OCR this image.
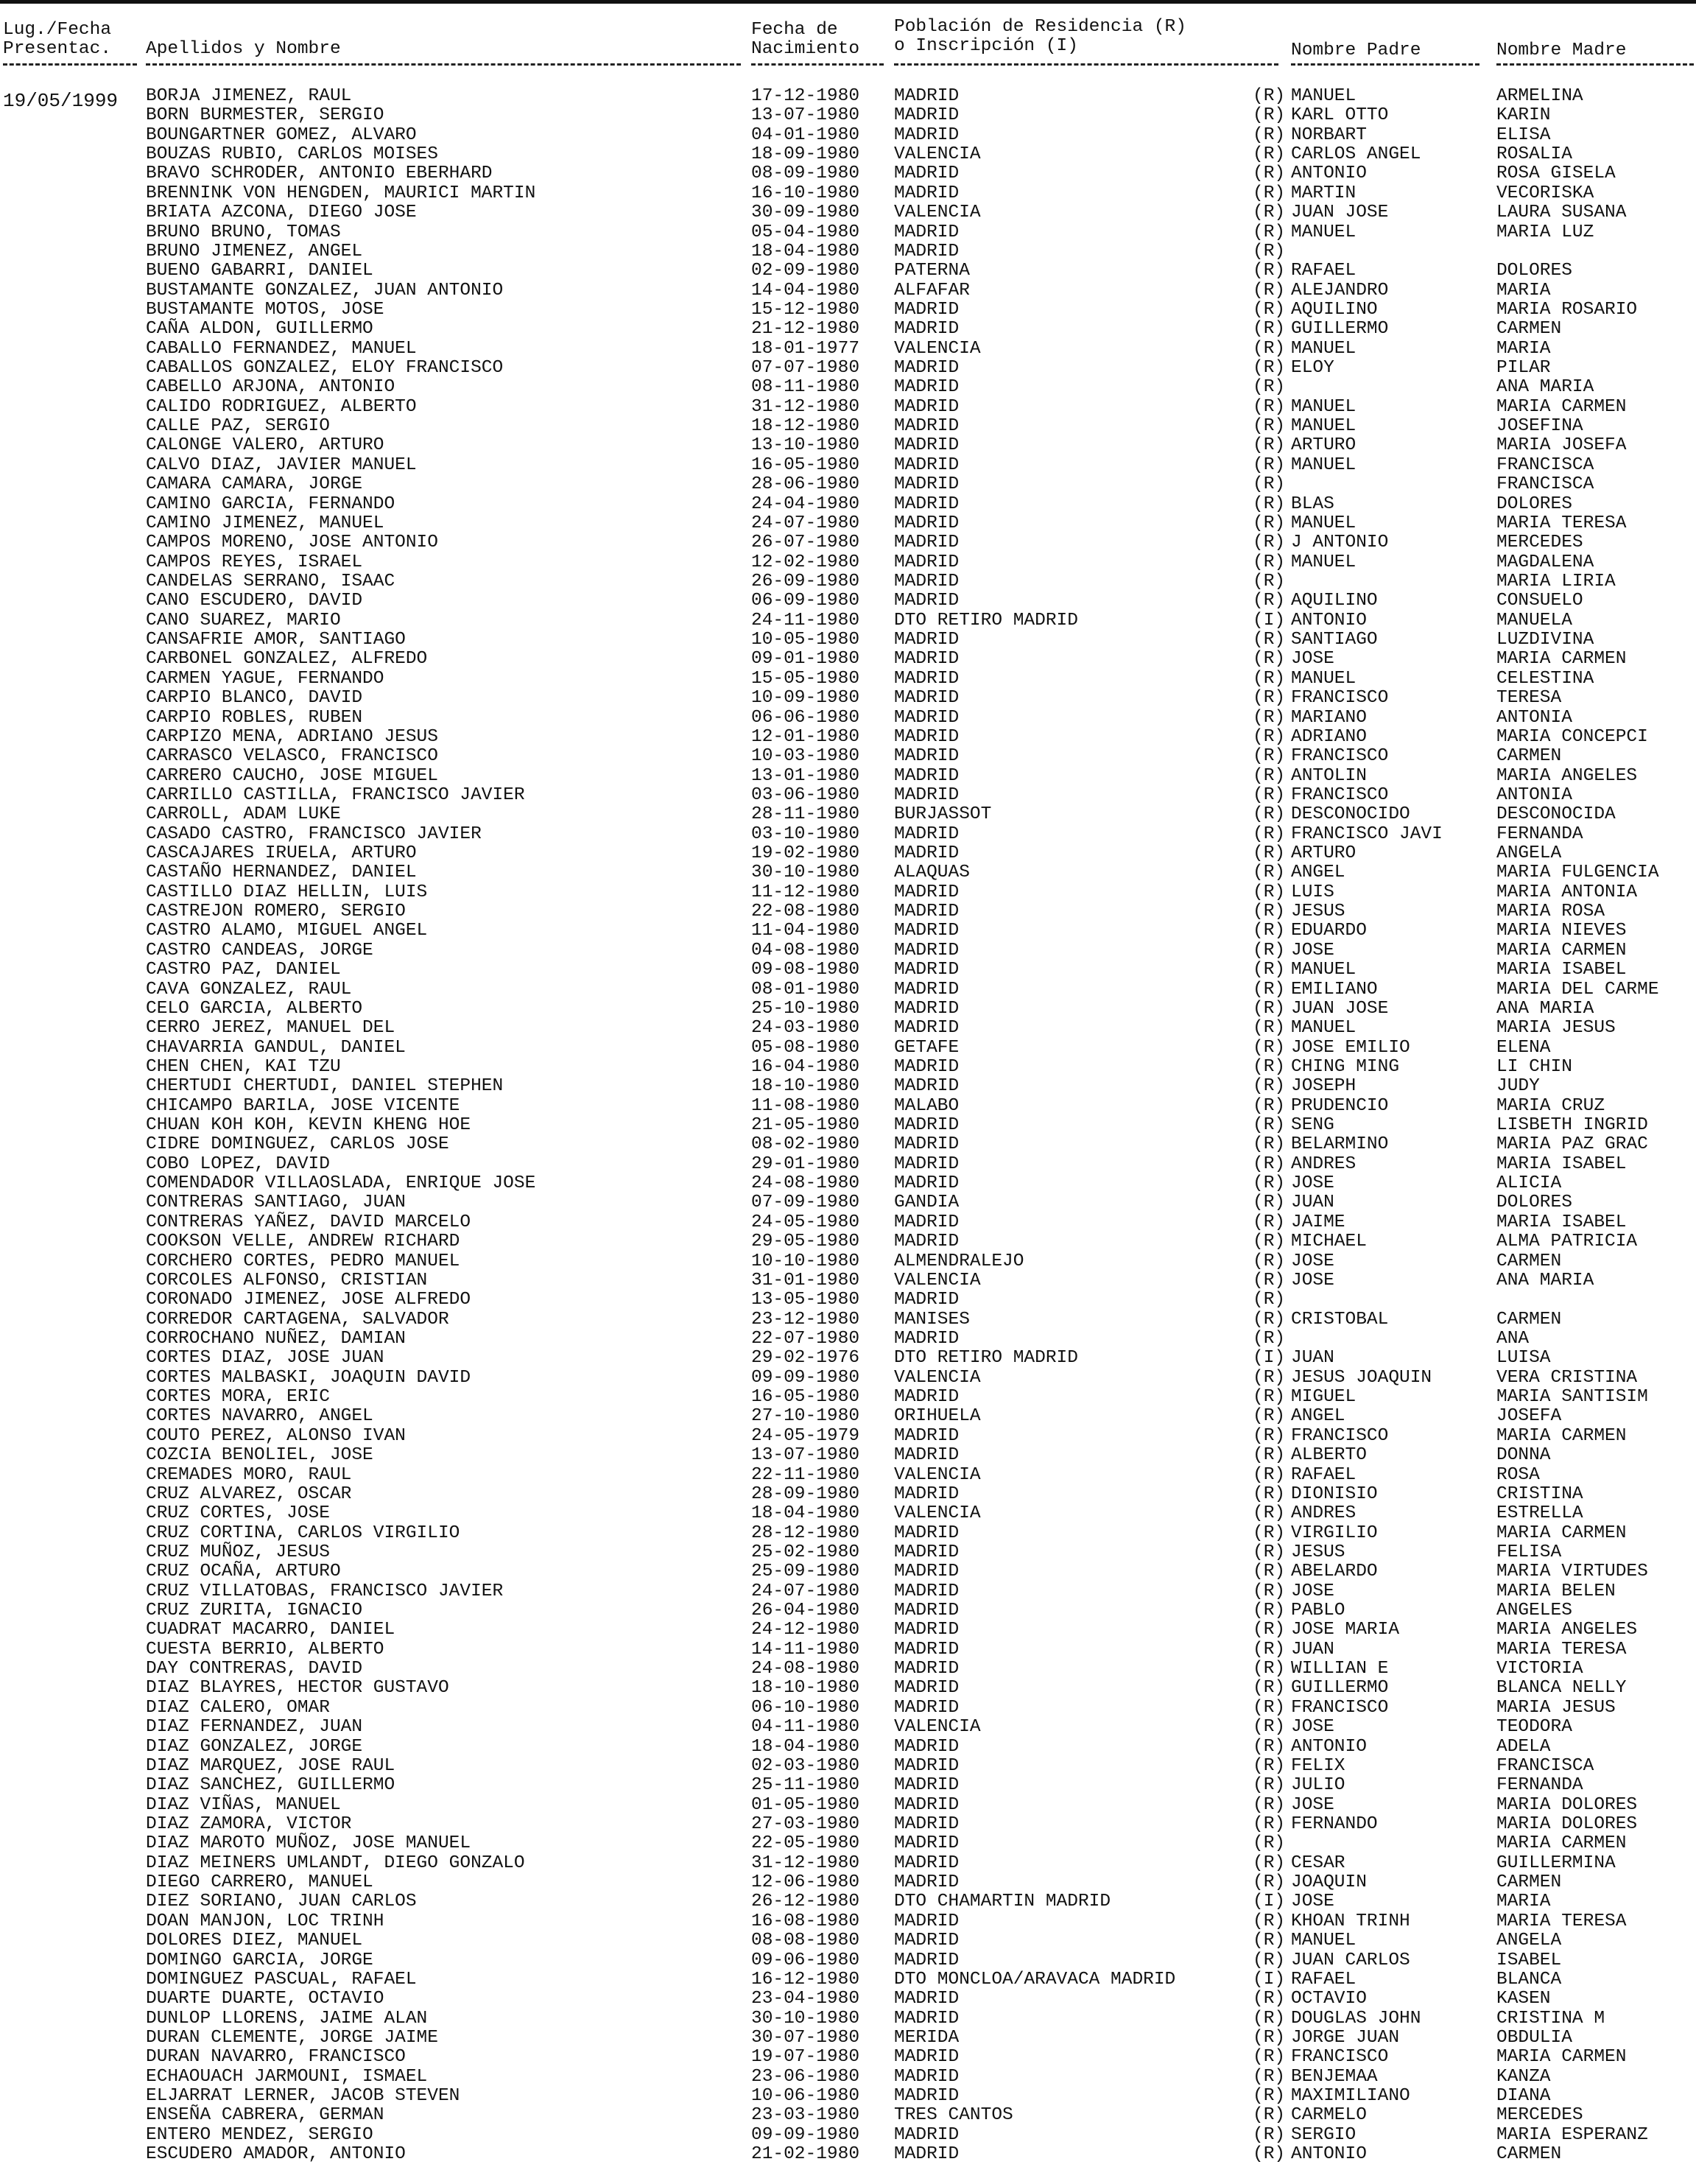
Lug./Fecha
Presentac. Apellidos y Nombre
Fecha de
Nacimiento
Población de Residencia (R)
o Inscripción (I)	Nombre Padre	Nombre Madre
19/05/1999 BORJA JIMENEZ, RAUL	17-12-1980 MADRID	(R) MANUEL	ARMELINA
BORN BURMESTER, SERGIO	13-07-1980 MADRID	(R) KARL OTTO	KARIN
BOUNGARTNER GOMEZ, ALVARO	04-01-1980 MADRID	(R) NORBART	ELISA
BOUZAS RUBIO, CARLOS MOISES	18-09-1980 VALENCIA	(R) CARLOS ANGEL	ROSALIA
BRAVO SCHRODER, ANTONIO EBERHARD	08-09-1980 MADRID	(R) ANTONIO	ROSA GISELA
BRENNINK VON HENGDEN, MAURICI MARTIN	16-10-1980 MADRID	(R) MARTIN	VECORISKA
BRIATA AZCONA, DIEGO JOSE	30-09-1980 VALENCIA	(R) JUAN JOSE	LAURA SUSANA
BRUNO BRUNO, TOMAS	05-04-1980 MADRID	(R) MANUEL	MARIA LUZ
BRUNO JIMENEZ, ANGEL	18-04-1980 MADRID	(R)
BUENO GABARRI, DANIEL	02-09-1980 PATERNA	(R) RAFAEL	DOLORES
BUSTAMANTE GONZALEZ, JUAN ANTONIO	14-04-1980 ALFAFAR	(R) ALEJANDRO	MARIA
BUSTAMANTE MOTOS, JOSE	15-12-1980 MADRID	(R) AQUILINO	MARIA ROSARIO
CAÑA ALDON, GUILLERMO	21-12-1980 MADRID	(R) GUILLERMO	CARMEN
CABALLO FERNANDEZ, MANUEL	18-01-1977 VALENCIA	(R) MANUEL	MARIA
CABALLOS GONZALEZ, ELOY FRANCISCO	07-07-1980 MADRID	(R) ELOY	PILAR
CABELLO ARJONA, ANTONIO	08-11-1980 MADRID	(R)	ANA MARIA
CALIDO RODRIGUEZ, ALBERTO	31-12-1980 MADRID	(R) MANUEL	MARIA CARMEN
CALLE PAZ, SERGIO	18-12-1980 MADRID	(R) MANUEL	JOSEFINA
CALONGE VALERO, ARTURO	13-10-1980 MADRID	(R) ARTURO	MARIA JOSEFA
CALVO DIAZ, JAVIER MANUEL	16-05-1980 MADRID	(R) MANUEL	FRANCISCA
CAMARA CAMARA, JORGE	28-06-1980 MADRID	(R)	FRANCISCA
CAMINO GARCIA, FERNANDO	24-04-1980 MADRID	(R) BLAS	DOLORES
CAMINO JIMENEZ, MANUEL	24-07-1980 MADRID	(R) MANUEL	MARIA TERESA
CAMPOS MORENO, JOSE ANTONIO	26-07-1980 MADRID	(R) J ANTONIO	MERCEDES
CAMPOS REYES, ISRAEL	12-02-1980 MADRID	(R) MANUEL	MAGDALENA
CANDELAS SERRANO, ISAAC	26-09-1980 MADRID	(R)	MARIA LIRIA
CANO ESCUDERO, DAVID	06-09-1980 MADRID	(R) AQUILINO	CONSUELO
CANO SUAREZ, MARIO	24-11-1980 DTO RETIRO MADRID	(I) ANTONIO	MANUELA
CANSAFRIE AMOR, SANTIAGO	10-05-1980 MADRID	(R) SANTIAGO	LUZDIVINA
CARBONEL GONZALEZ, ALFREDO	09-01-1980 MADRID	(R) JOSE	MARIA CARMEN
CARMEN YAGUE, FERNANDO	15-05-1980 MADRID	(R) MANUEL	CELESTINA
CARPIO BLANCO, DAVID	10-09-1980 MADRID	(R) FRANCISCO	TERESA
CARPIO ROBLES, RUBEN	06-06-1980 MADRID	(R) MARIANO	ANTONIA
CARPIZO MENA, ADRIANO JESUS	12-01-1980 MADRID	(R) ADRIANO	MARIA CONCEPCI
CARRASCO VELASCO, FRANCISCO	10-03-1980 MADRID	(R) FRANCISCO	CARMEN
CARRERO CAUCHO, JOSE MIGUEL	13-01-1980 MADRID	(R) ANTOLIN	MARIA ANGELES
CARRILLO CASTILLA, FRANCISCO JAVIER	03-06-1980 MADRID	(R) FRANCISCO	ANTONIA
CARROLL, ADAM LUKE	28-11-1980 BURJASSOT	(R) DESCONOCIDO	DESCONOCIDA
CASADO CASTRO, FRANCISCO JAVIER	03-10-1980 MADRID	(R) FRANCISCO JAVI	FERNANDA
CASCAJARES IRUELA, ARTURO	19-02-1980 MADRID	(R) ARTURO	ANGELA
CASTAÑO HERNANDEZ, DANIEL	30-10-1980 ALAQUAS	(R) ANGEL	MARIA FULGENCIA
CASTILLO DIAZ HELLIN, LUIS	11-12-1980 MADRID	(R) LUIS	MARIA ANTONIA
CASTREJON ROMERO, SERGIO	22-08-1980 MADRID	(R) JESUS	MARIA ROSA
CASTRO ALAMO, MIGUEL ANGEL	11-04-1980 MADRID	(R) EDUARDO	MARIA NIEVES
CASTRO CANDEAS, JORGE	04-08-1980 MADRID	(R) JOSE	MARIA CARMEN
CASTRO PAZ, DANIEL	09-08-1980 MADRID	(R) MANUEL	MARIA ISABEL
CAVA GONZALEZ, RAUL	08-01-1980 MADRID	(R) EMILIANO	MARIA DEL CARME
CELO GARCIA, ALBERTO	25-10-1980 MADRID	(R) JUAN JOSE	ANA MARIA
CERRO JEREZ, MANUEL DEL	24-03-1980 MADRID	(R) MANUEL	MARIA JESUS
CHAVARRIA GANDUL, DANIEL	05-08-1980 GETAFE	(R) JOSE EMILIO	ELENA
CHEN CHEN, KAI TZU	16-04-1980 MADRID	(R) CHING MING	LI CHIN
CHERTUDI CHERTUDI, DANIEL STEPHEN	18-10-1980 MADRID	(R) JOSEPH	JUDY
CHICAMPO BARILA, JOSE VICENTE	11-08-1980 MALABO	(R) PRUDENCIO	MARIA CRUZ
CHUAN KOH KOH, KEVIN KHENG HOE	21-05-1980 MADRID	(R) SENG	LISBETH INGRID
CIDRE DOMINGUEZ, CARLOS JOSE	08-02-1980 MADRID	(R) BELARMINO	MARIA PAZ GRAC
COBO LOPEZ, DAVID	29-01-1980 MADRID	(R) ANDRES	MARIA ISABEL
COMENDADOR VILLAOSLADA, ENRIQUE JOSE	24-08-1980 MADRID	(R) JOSE	ALICIA
CONTRERAS SANTIAGO, JUAN	07-09-1980 GANDIA	(R) JUAN	DOLORES
CONTRERAS YAÑEZ, DAVID MARCELO	24-05-1980 MADRID	(R) JAIME	MARIA ISABEL
COOKSON VELLE, ANDREW RICHARD	29-05-1980 MADRID	(R) MICHAEL	ALMA PATRICIA
CORCHERO CORTES, PEDRO MANUEL	10-10-1980 ALMENDRALEJO	(R) JOSE	CARMEN
CORCOLES ALFONSO, CRISTIAN	31-01-1980 VALENCIA	(R) JOSE	ANA MARIA
CORONADO JIMENEZ, JOSE ALFREDO	13-05-1980 MADRID	(R)
CORREDOR CARTAGENA, SALVADOR	23-12-1980 MANISES	(R) CRISTOBAL	CARMEN
CORROCHANO NUÑEZ, DAMIAN	22-07-1980 MADRID	(R)	ANA
CORTES DIAZ, JOSE JUAN	29-02-1976 DTO RETIRO MADRID	(I) JUAN	LUISA
CORTES MALBASKI, JOAQUIN DAVID	09-09-1980 VALENCIA	(R) JESUS JOAQUIN	VERA CRISTINA
CORTES MORA, ERIC	16-05-1980 MADRID	(R) MIGUEL	MARIA SANTISIM
CORTES NAVARRO, ANGEL	27-10-1980 ORIHUELA	(R) ANGEL	JOSEFA
COUTO PEREZ, ALONSO IVAN	24-05-1979 MADRID	(R) FRANCISCO	MARIA CARMEN
COZCIA BENOLIEL, JOSE	13-07-1980 MADRID	(R) ALBERTO	DONNA
CREMADES MORO, RAUL	22-11-1980 VALENCIA	(R) RAFAEL	ROSA
CRUZ ALVAREZ, OSCAR	28-09-1980 MADRID	(R) DIONISIO	CRISTINA
CRUZ CORTES, JOSE	18-04-1980 VALENCIA	(R) ANDRES	ESTRELLA
CRUZ CORTINA, CARLOS VIRGILIO	28-12-1980 MADRID	(R) VIRGILIO	MARIA CARMEN
CRUZ MUÑOZ, JESUS	25-02-1980 MADRID	(R) JESUS	FELISA
CRUZ OCAÑA, ARTURO	25-09-1980 MADRID	(R) ABELARDO	MARIA VIRTUDES
CRUZ VILLATOBAS, FRANCISCO JAVIER	24-07-1980 MADRID	(R) JOSE	MARIA BELEN
CRUZ ZURITA, IGNACIO	26-04-1980 MADRID	(R) PABLO	ANGELES
CUADRAT MACARRO, DANIEL	24-12-1980 MADRID	(R) JOSE MARIA	MARIA ANGELES
CUESTA BERRIO, ALBERTO	14-11-1980 MADRID	(R) JUAN	MARIA TERESA
DAY CONTRERAS, DAVID	24-08-1980 MADRID	(R) WILLIAN E	VICTORIA
DIAZ BLAYRES, HECTOR GUSTAVO	18-10-1980 MADRID	(R) GUILLERMO	BLANCA NELLY
DIAZ CALERO, OMAR	06-10-1980 MADRID	(R) FRANCISCO	MARIA JESUS
DIAZ FERNANDEZ, JUAN	04-11-1980 VALENCIA	(R) JOSE	TEODORA
DIAZ GONZALEZ, JORGE	18-04-1980 MADRID	(R) ANTONIO	ADELA
DIAZ MARQUEZ, JOSE RAUL	02-03-1980 MADRID	(R) FELIX	FRANCISCA
DIAZ SANCHEZ, GUILLERMO	25-11-1980 MADRID	(R) JULIO	FERNANDA
DIAZ VIÑAS, MANUEL	01-05-1980 MADRID	(R) JOSE	MARIA DOLORES
DIAZ ZAMORA, VICTOR	27-03-1980 MADRID	(R) FERNANDO	MARIA DOLORES
DIAZ MAROTO MUÑOZ, JOSE MANUEL	22-05-1980 MADRID	(R)	MARIA CARMEN
DIAZ MEINERS UMLANDT, DIEGO GONZALO	31-12-1980 MADRID	(R) CESAR	GUILLERMINA
DIEGO CARRERO, MANUEL	12-06-1980 MADRID	(R) JOAQUIN	CARMEN
DIEZ SORIANO, JUAN CARLOS	26-12-1980 DTO CHAMARTIN MADRID	(I) JOSE	MARIA
DOAN MANJON, LOC TRINH	16-08-1980 MADRID	(R) KHOAN TRINH	MARIA TERESA
DOLORES DIEZ, MANUEL	08-08-1980 MADRID	(R) MANUEL	ANGELA
DOMINGO GARCIA, JORGE	09-06-1980 MADRID	(R) JUAN CARLOS	ISABEL
DOMINGUEZ PASCUAL, RAFAEL	16-12-1980 DTO MONCLOA/ARAVACA MADRID	(I) RAFAEL	BLANCA
DUARTE DUARTE, OCTAVIO	23-04-1980 MADRID	(R) OCTAVIO	KASEN
DUNLOP LLORENS, JAIME ALAN	30-10-1980 MADRID	(R) DOUGLAS JOHN	CRISTINA M
DURAN CLEMENTE, JORGE JAIME	30-07-1980 MERIDA	(R) JORGE JUAN	OBDULIA
DURAN NAVARRO, FRANCISCO	19-07-1980 MADRID	(R) FRANCISCO	MARIA CARMEN
ECHAOUACH JARMOUNI, ISMAEL	23-06-1980 MADRID	(R) BENJEMAA	KANZA
ELJARRAT LERNER, JACOB STEVEN	10-06-1980 MADRID	(R) MAXIMILIANO	DIANA
ENSEÑA CABRERA, GERMAN	23-03-1980 TRES CANTOS	(R) CARMELO	MERCEDES
ENTERO MENDEZ, SERGIO	09-09-1980 MADRID	(R) SERGIO	MARIA ESPERANZ
ESCUDERO AMADOR, ANTONIO	21-02-1980 MADRID	(R) ANTONIO	CARMEN
